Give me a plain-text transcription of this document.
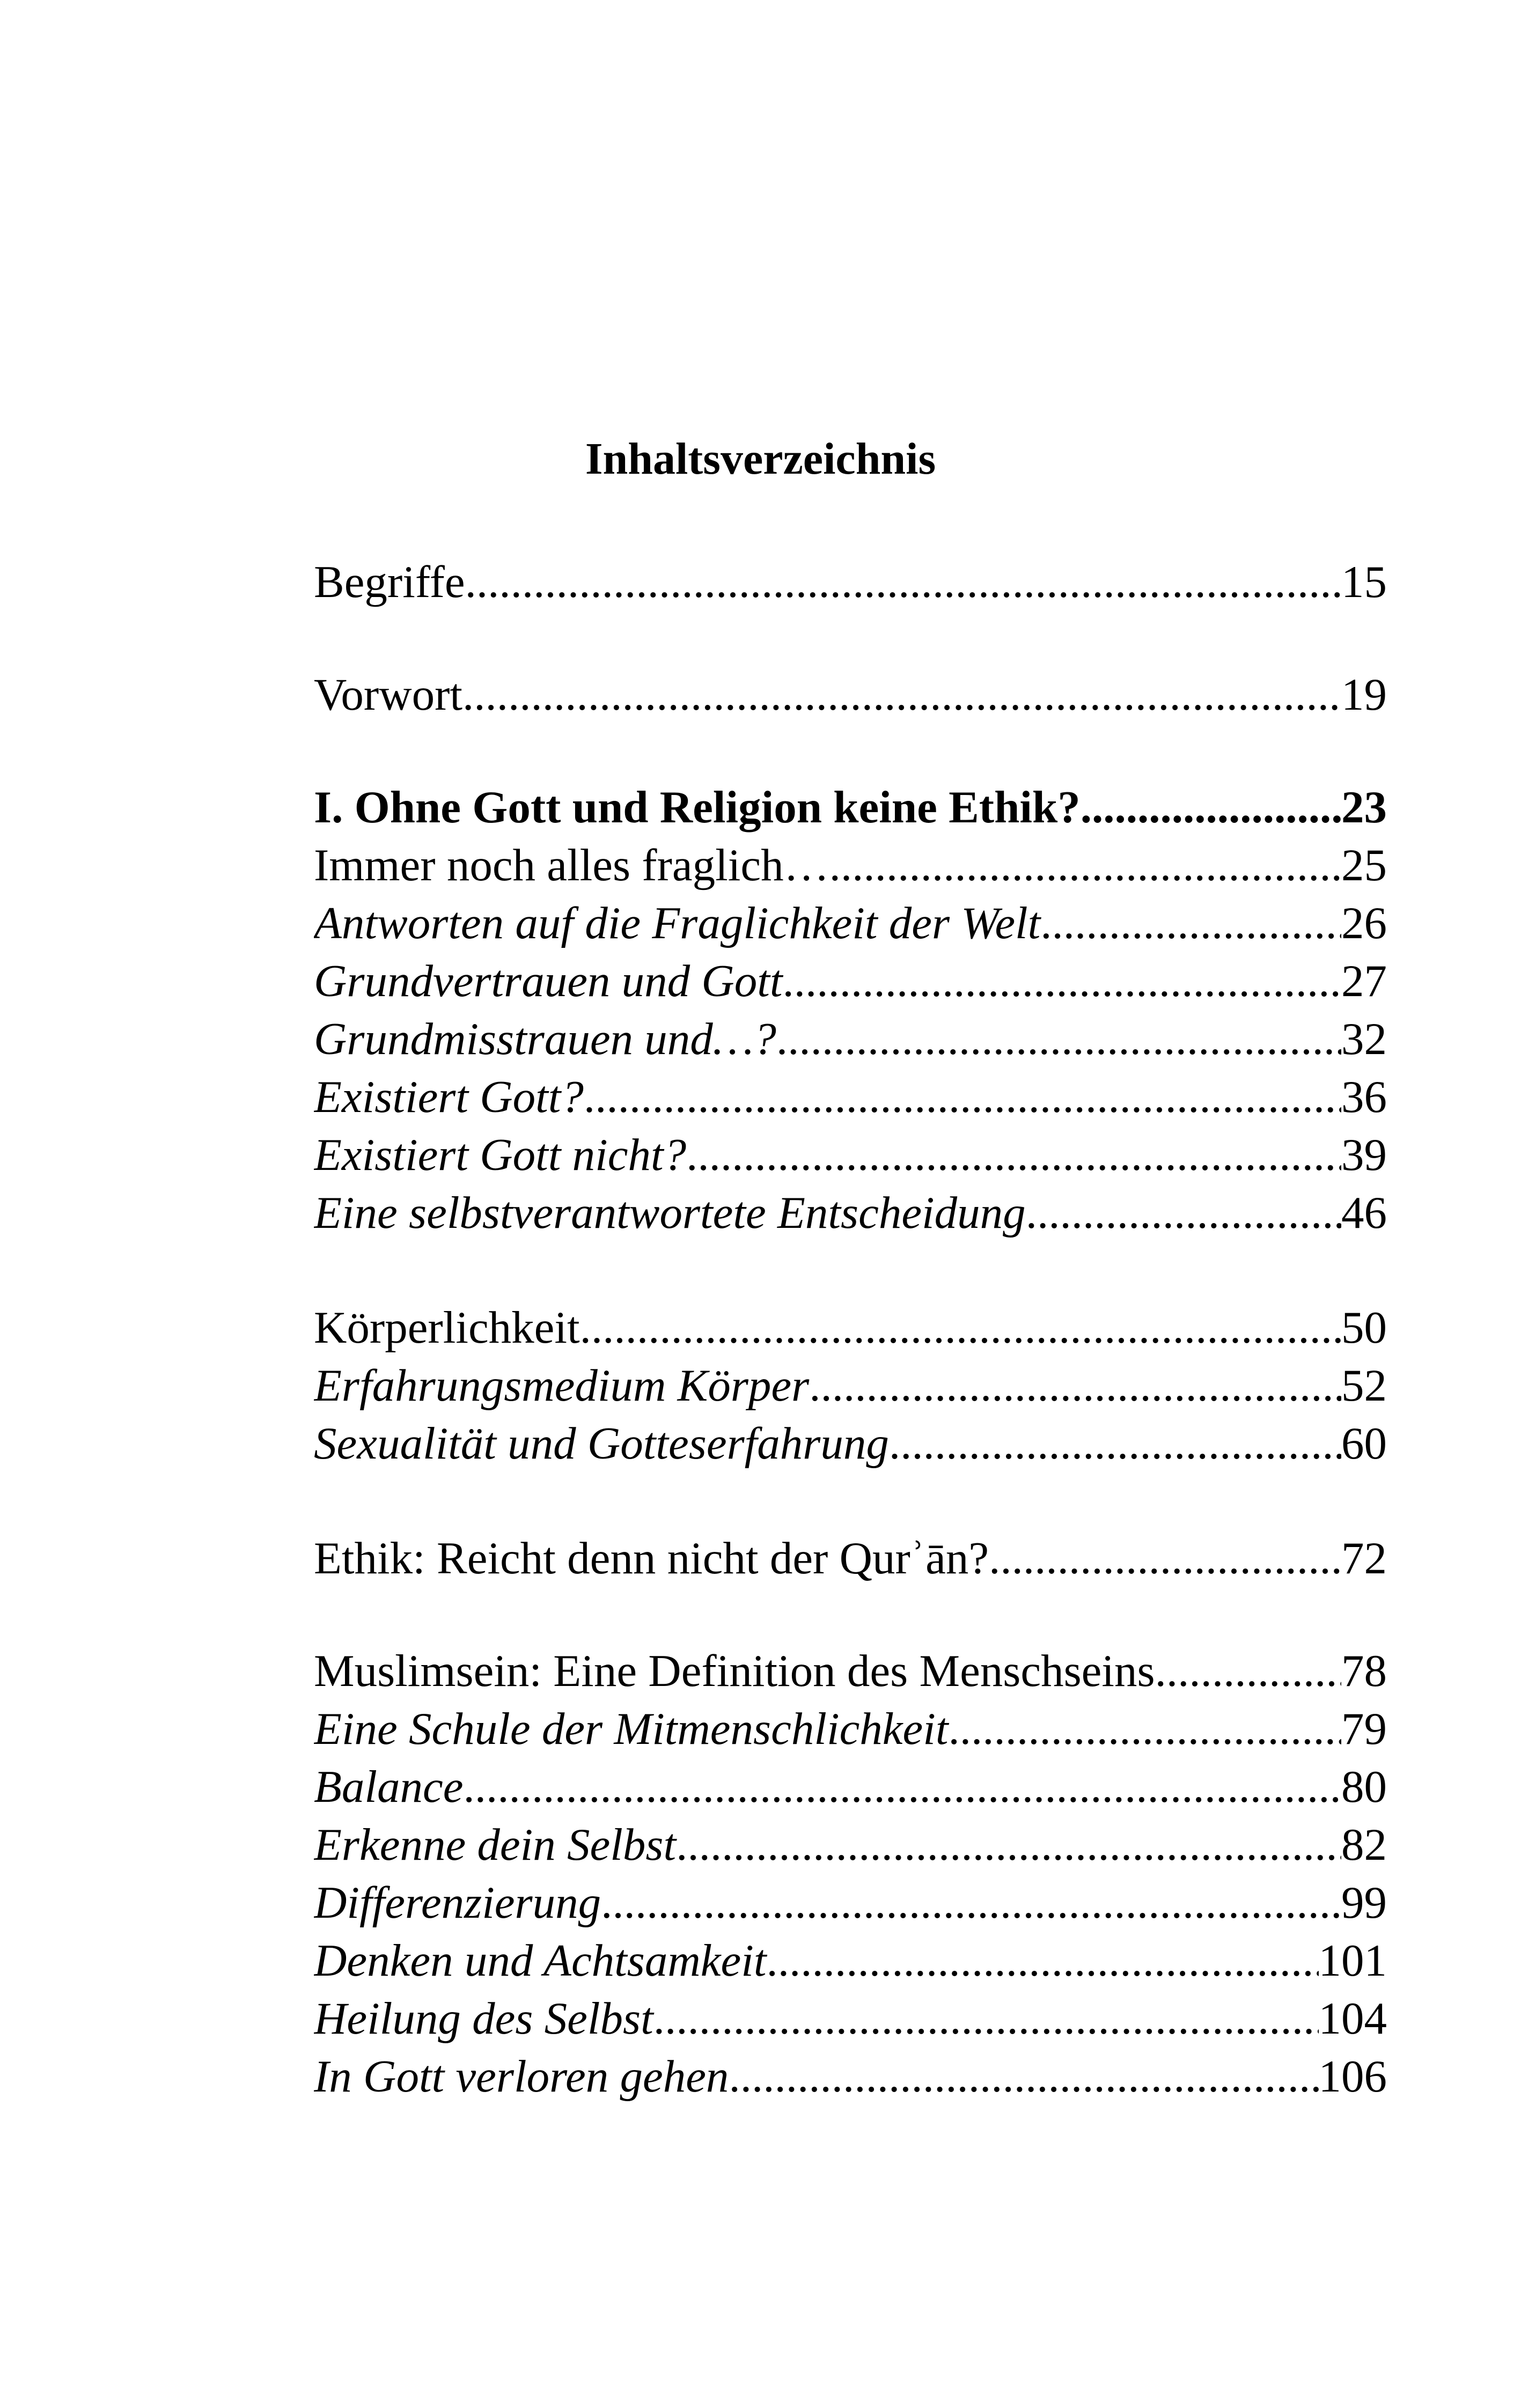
Inhaltsverzeichnis
Begriffe .....	15
Vorwort .....	19
I. Ohne Gott und Religion keine Ethik? .....	23
Immer noch alles fraglich… .....	25
Antworten auf die Fraglichkeit der Welt .....	26
Grundvertrauen und Gott .....	27
Grundmisstrauen und…? .....	32
Existiert Gott? .....	36
Existiert Gott nicht? .....	39
Eine selbstverantwortete Entscheidung .....	46
Körperlichkeit .....	50
Erfahrungsmedium Körper .....	52
Sexualität und Gotteserfahrung .....	60
Ethik: Reicht denn nicht der Qurʾān? .....	72
Muslimsein: Eine Definition des Menschseins .....	78
Eine Schule der Mitmenschlichkeit .....	79
Balance .....	80
Erkenne dein Selbst .....	82
Differenzierung .....	99
Denken und Achtsamkeit .....	101
Heilung des Selbst .....	104
In Gott verloren gehen .....	106
